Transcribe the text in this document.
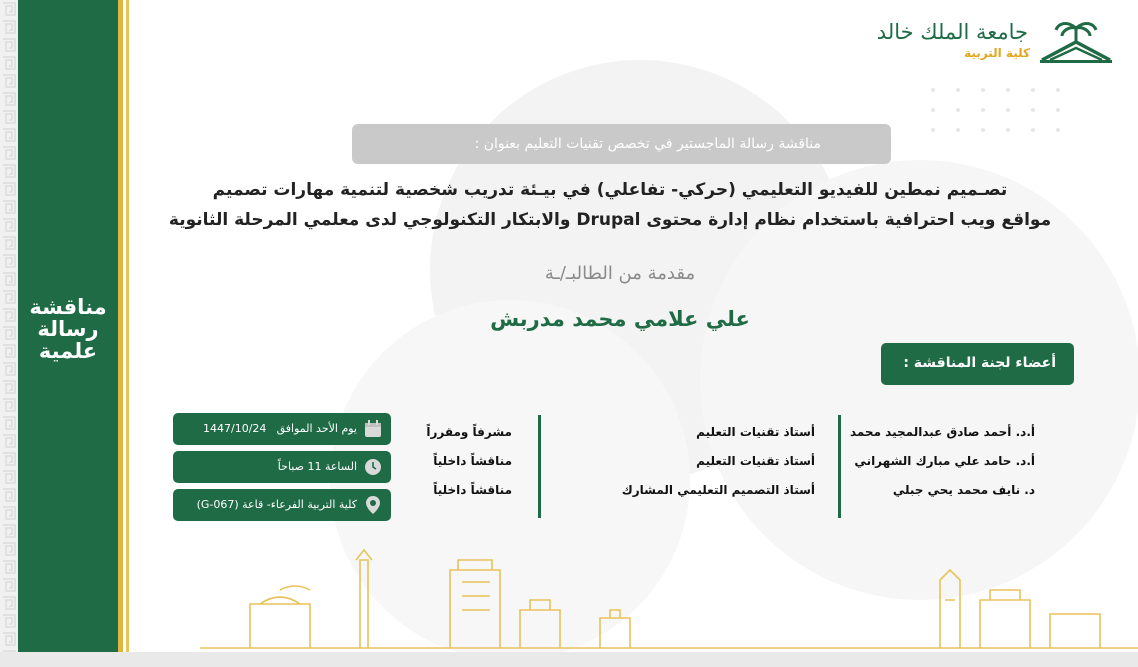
مناقشة
رسالة
علمية
جامعة الملك خالد
كلية التربية
مناقشة رسالة الماجستير في تخصص تقنيات التعليم بعنوان :
تصـميم نمطين للفيديو التعليمي (حركي- تفاعلي) في بيـئة تدريب شخصية لتنمية مهارات تصميم
مواقع ويب احترافية باستخدام نظام إدارة محتوى Drupal والابتكار التكنولوجي لدى معلمي المرحلة الثانوية
مقدمة من الطالبـ/ـة
علي علامي محمد مدربش
أعضاء لجنة المناقشة :
أ.د. أحمد صادق عبدالمجيد محمد
أ.د. حامد علي مبارك الشهراني
د. نايف محمد يحي جبلي
أستاذ تقنيات التعليم
أستاذ تقنيات التعليم
أستاذ التصميم التعليمي المشارك
مشرفاً ومقرراً
مناقشاً داخلياً
مناقشاً داخلياً
يوم الأحد الموافق
1447/10/24
الساعة 11 صباحاً
كلية التربية الفرعاء- قاعة (G-067)
